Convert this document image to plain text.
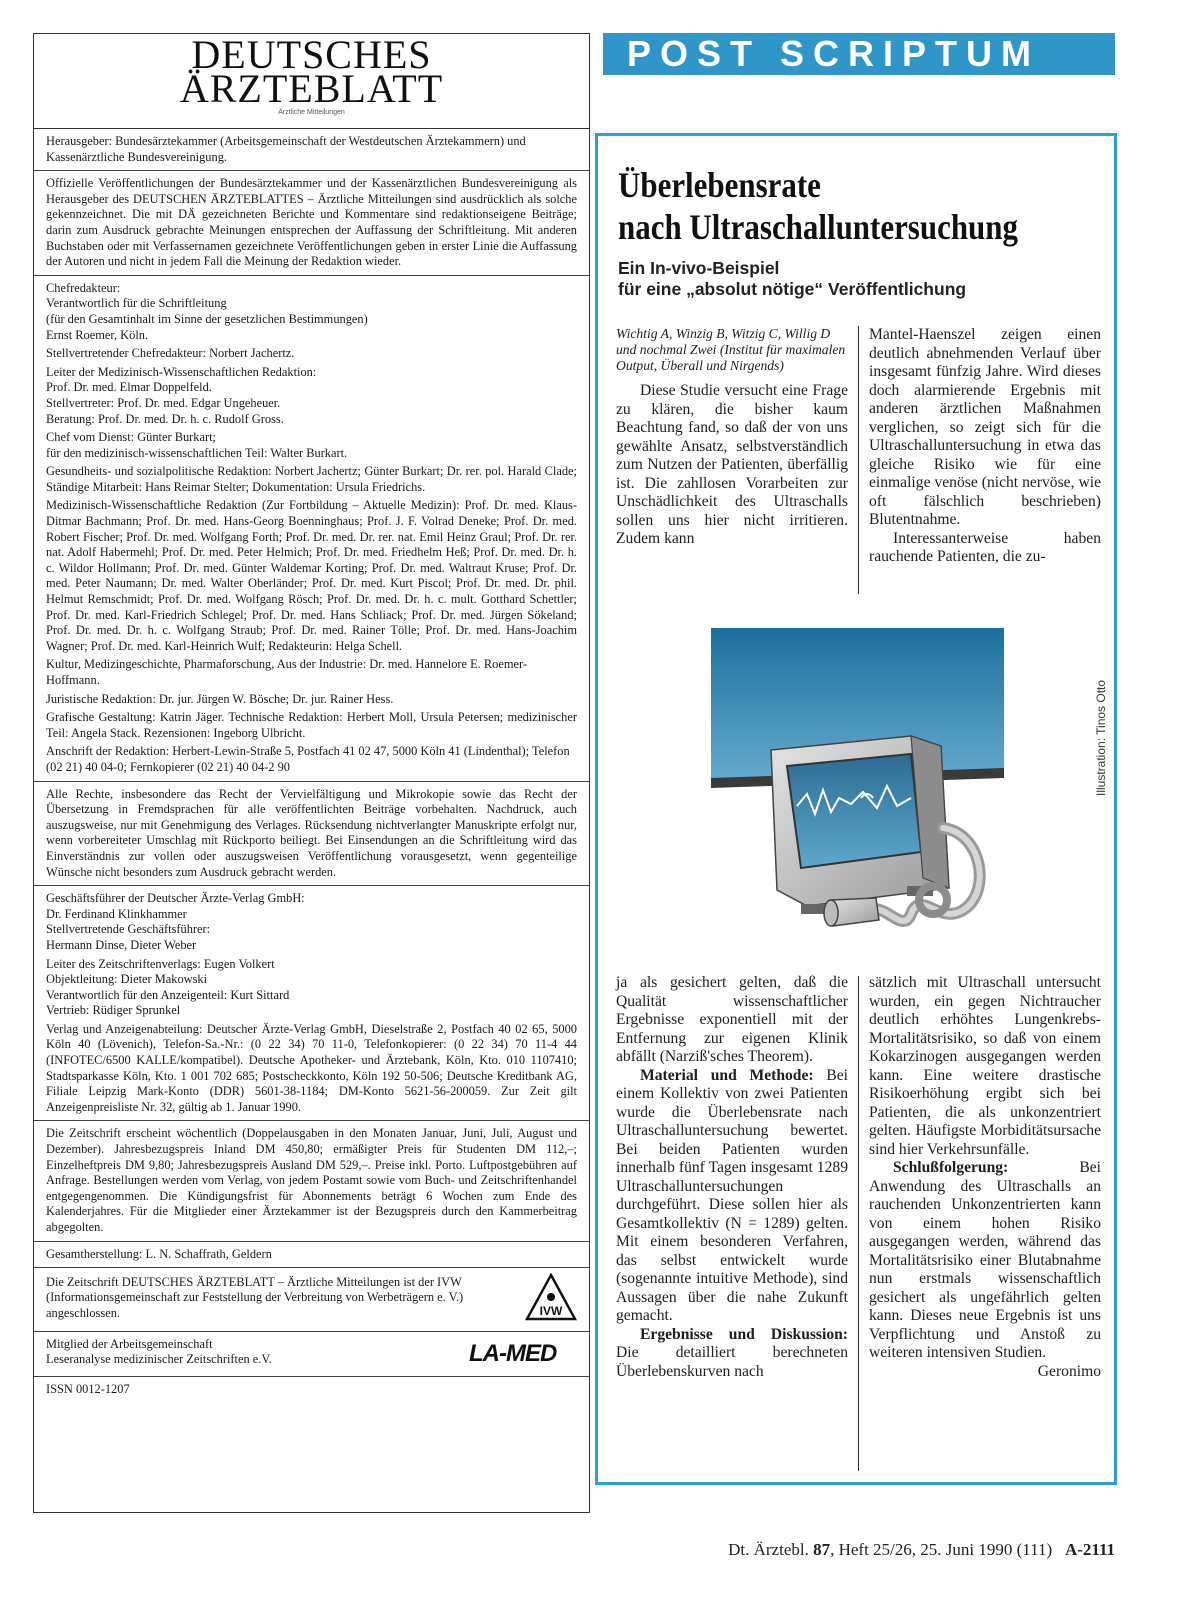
DEUTSCHES
ÄRZTEBLATT
Ärztliche Mitteilungen

Herausgeber: Bundesärztekammer (Arbeitsgemeinschaft der Westdeutschen Ärztekammern) und Kassenärztliche Bundesvereinigung.

Offizielle Veröffentlichungen der Bundesärztekammer und der Kassenärztlichen Bundesvereinigung als Herausgeber des DEUTSCHEN ÄRZTEBLATTES – Ärztliche Mitteilungen sind ausdrücklich als solche gekennzeichnet. Die mit DÄ gezeichneten Berichte und Kommentare sind redaktionseigene Beiträge; darin zum Ausdruck gebrachte Meinungen entsprechen der Auffassung der Schriftleitung. Mit anderen Buchstaben oder mit Verfassernamen gezeichnete Veröffentlichungen geben in erster Linie die Auffassung der Autoren und nicht in jedem Fall die Meinung der Redaktion wieder.

Chefredakteur:
Verantwortlich für die Schriftleitung
(für den Gesamtinhalt im Sinne der gesetzlichen Bestimmungen)
Ernst Roemer, Köln.

Stellvertretender Chefredakteur: Norbert Jachertz.

Leiter der Medizinisch-Wissenschaftlichen Redaktion:
Prof. Dr. med. Elmar Doppelfeld.
Stellvertreter: Prof. Dr. med. Edgar Ungeheuer.
Beratung: Prof. Dr. med. Dr. h. c. Rudolf Gross.

Chef vom Dienst: Günter Burkart;
für den medizinisch-wissenschaftlichen Teil: Walter Burkart.

Gesundheits- und sozialpolitische Redaktion: Norbert Jachertz; Günter Burkart; Dr. rer. pol. Harald Clade; Ständige Mitarbeit: Hans Reimar Stelter; Dokumentation: Ursula Friedrichs.

Medizinisch-Wissenschaftliche Redaktion (Zur Fortbildung – Aktuelle Medizin): Prof. Dr. med. Klaus-Ditmar Bachmann; Prof. Dr. med. Hans-Georg Boenninghaus; Prof. J. F. Volrad Deneke; Prof. Dr. med. Robert Fischer; Prof. Dr. med. Wolfgang Forth; Prof. Dr. med. Dr. rer. nat. Emil Heinz Graul; Prof. Dr. rer. nat. Adolf Habermehl; Prof. Dr. med. Peter Helmich; Prof. Dr. med. Friedhelm Heß; Prof. Dr. med. Dr. h. c. Wildor Hollmann; Prof. Dr. med. Günter Waldemar Korting; Prof. Dr. med. Waltraut Kruse; Prof. Dr. med. Peter Naumann; Dr. med. Walter Oberländer; Prof. Dr. med. Kurt Piscol; Prof. Dr. med. Dr. phil. Helmut Remschmidt; Prof. Dr. med. Wolfgang Rösch; Prof. Dr. med. Dr. h. c. mult. Gotthard Schettler; Prof. Dr. med. Karl-Friedrich Schlegel; Prof. Dr. med. Hans Schliack; Prof. Dr. med. Jürgen Sökeland; Prof. Dr. med. Dr. h. c. Wolfgang Straub; Prof. Dr. med. Rainer Tölle; Prof. Dr. med. Hans-Joachim Wagner; Prof. Dr. med. Karl-Heinrich Wulf; Redakteurin: Helga Schell.

Kultur, Medizingeschichte, Pharmaforschung, Aus der Industrie: Dr. med. Hannelore E. Roemer-Hoffmann.

Juristische Redaktion: Dr. jur. Jürgen W. Bösche; Dr. jur. Rainer Hess.

Grafische Gestaltung: Katrin Jäger. Technische Redaktion: Herbert Moll, Ursula Petersen; medizinischer Teil: Angela Stack. Rezensionen: Ingeborg Ulbricht.

Anschrift der Redaktion: Herbert-Lewin-Straße 5, Postfach 41 02 47, 5000 Köln 41 (Lindenthal); Telefon (02 21) 40 04-0; Fernkopierer (02 21) 40 04-2 90

Alle Rechte, insbesondere das Recht der Vervielfältigung und Mikrokopie sowie das Recht der Übersetzung in Fremdsprachen für alle veröffentlichten Beiträge vorbehalten. Nachdruck, auch auszugsweise, nur mit Genehmigung des Verlages. Rücksendung nichtverlangter Manuskripte erfolgt nur, wenn vorbereiteter Umschlag mit Rückporto beiliegt. Bei Einsendungen an die Schriftleitung wird das Einverständnis zur vollen oder auszugsweisen Veröffentlichung vorausgesetzt, wenn gegenteilige Wünsche nicht besonders zum Ausdruck gebracht werden.

Geschäftsführer der Deutscher Ärzte-Verlag GmbH:
Dr. Ferdinand Klinkhammer
Stellvertretende Geschäftsführer:
Hermann Dinse, Dieter Weber

Leiter des Zeitschriftenverlags: Eugen Volkert
Objektleitung: Dieter Makowski
Verantwortlich für den Anzeigenteil: Kurt Sittard
Vertrieb: Rüdiger Sprunkel

Verlag und Anzeigenabteilung: Deutscher Ärzte-Verlag GmbH, Dieselstraße 2, Postfach 40 02 65, 5000 Köln 40 (Lövenich), Telefon-Sa.-Nr.: (0 22 34) 70 11-0, Telefonkopierer: (0 22 34) 70 11-4 44 (INFOTEC/6500 KALLE/kompatibel). Deutsche Apotheker- und Ärztebank, Köln, Kto. 010 1107410; Stadtsparkasse Köln, Kto. 1 001 702 685; Postscheckkonto, Köln 192 50-506; Deutsche Kreditbank AG, Filiale Leipzig Mark-Konto (DDR) 5601-38-1184; DM-Konto 5621-56-200059. Zur Zeit gilt Anzeigenpreisliste Nr. 32, gültig ab 1. Januar 1990.

Die Zeitschrift erscheint wöchentlich (Doppelausgaben in den Monaten Januar, Juni, Juli, August und Dezember). Jahresbezugspreis Inland DM 450,80; ermäßigter Preis für Studenten DM 112,–; Einzelheftpreis DM 9,80; Jahresbezugspreis Ausland DM 529,–. Preise inkl. Porto. Luftpostgebühren auf Anfrage. Bestellungen werden vom Verlag, von jedem Postamt sowie vom Buch- und Zeitschriftenhandel entgegengenommen. Die Kündigungsfrist für Abonnements beträgt 6 Wochen zum Ende des Kalenderjahres. Für die Mitglieder einer Ärztekammer ist der Bezugspreis durch den Kammerbeitrag abgegolten.

Gesamtherstellung: L. N. Schaffrath, Geldern

Die Zeitschrift DEUTSCHES ÄRZTEBLATT – Ärztliche Mitteilungen ist der IVW (Informationsgemeinschaft zur Feststellung der Verbreitung von Werbeträgern e. V.) angeschlossen.	IVW

Mitglied der Arbeitsgemeinschaft
Leseranalyse medizinischer Zeitschriften e.V.	LA-MED

ISSN 0012-1207

POST SCRIPTUM
Überlebensrate
nach Ultraschalluntersuchung
Ein In-vivo-Beispiel
für eine „absolut nötige“ Veröffentlichung

Wichtig A, Winzig B, Witzig C, Willig D und nochmal Zwei (Institut für maximalen Output, Überall und Nirgends)

Diese Studie versucht eine Frage zu klären, die bisher kaum Beachtung fand, so daß der von uns gewählte Ansatz, selbstverständlich zum Nutzen der Patienten, überfällig ist. Die zahllosen Vorarbeiten zur Unschädlichkeit des Ultraschalls sollen uns hier nicht irritieren. Zudem kann

Mantel-Haenszel zeigen einen deutlich abnehmenden Verlauf über insgesamt fünfzig Jahre. Wird dieses doch alarmierende Ergebnis mit anderen ärztlichen Maßnahmen verglichen, so zeigt sich für die Ultraschalluntersuchung in etwa das gleiche Risiko wie für eine einmalige venöse (nicht nervöse, wie oft fälschlich beschrieben) Blutentnahme.

Interessanterweise haben rauchende Patienten, die zu-

Illustration: Tinos Otto

ja als gesichert gelten, daß die Qualität wissenschaftlicher Ergebnisse exponentiell mit der Entfernung zur eigenen Klinik abfällt (Narziß'sches Theorem).

Material und Methode: Bei einem Kollektiv von zwei Patienten wurde die Überlebensrate nach Ultraschalluntersuchung bewertet. Bei beiden Patienten wurden innerhalb fünf Tagen insgesamt 1289 Ultraschalluntersuchungen durchgeführt. Diese sollen hier als Gesamtkollektiv (N = 1289) gelten. Mit einem besonderen Verfahren, das selbst entwickelt wurde (sogenannte intuitive Methode), sind Aussagen über die nahe Zukunft gemacht.

Ergebnisse und Diskussion: Die detailliert berechneten Überlebenskurven nach

sätzlich mit Ultraschall untersucht wurden, ein gegen Nichtraucher deutlich erhöhtes Lungenkrebs-Mortalitätsrisiko, so daß von einem Kokarzinogen ausgegangen werden kann. Eine weitere drastische Risikoerhöhung ergibt sich bei Patienten, die als unkonzentriert gelten. Häufigste Morbiditätsursache sind hier Verkehrsunfälle.

Schlußfolgerung:	Bei Anwendung des Ultraschalls an rauchenden Unkonzentrierten kann von einem hohen Risiko ausgegangen werden, während das Mortalitätsrisiko einer Blutabnahme nun erstmals wissenschaftlich gesichert als ungefährlich gelten kann. Dieses neue Ergebnis ist uns Verpflichtung und Anstoß zu weiteren intensiven Studien.
Geronimo

Dt. Ärztebl. 87, Heft 25/26, 25. Juni 1990 (111) A-2111
